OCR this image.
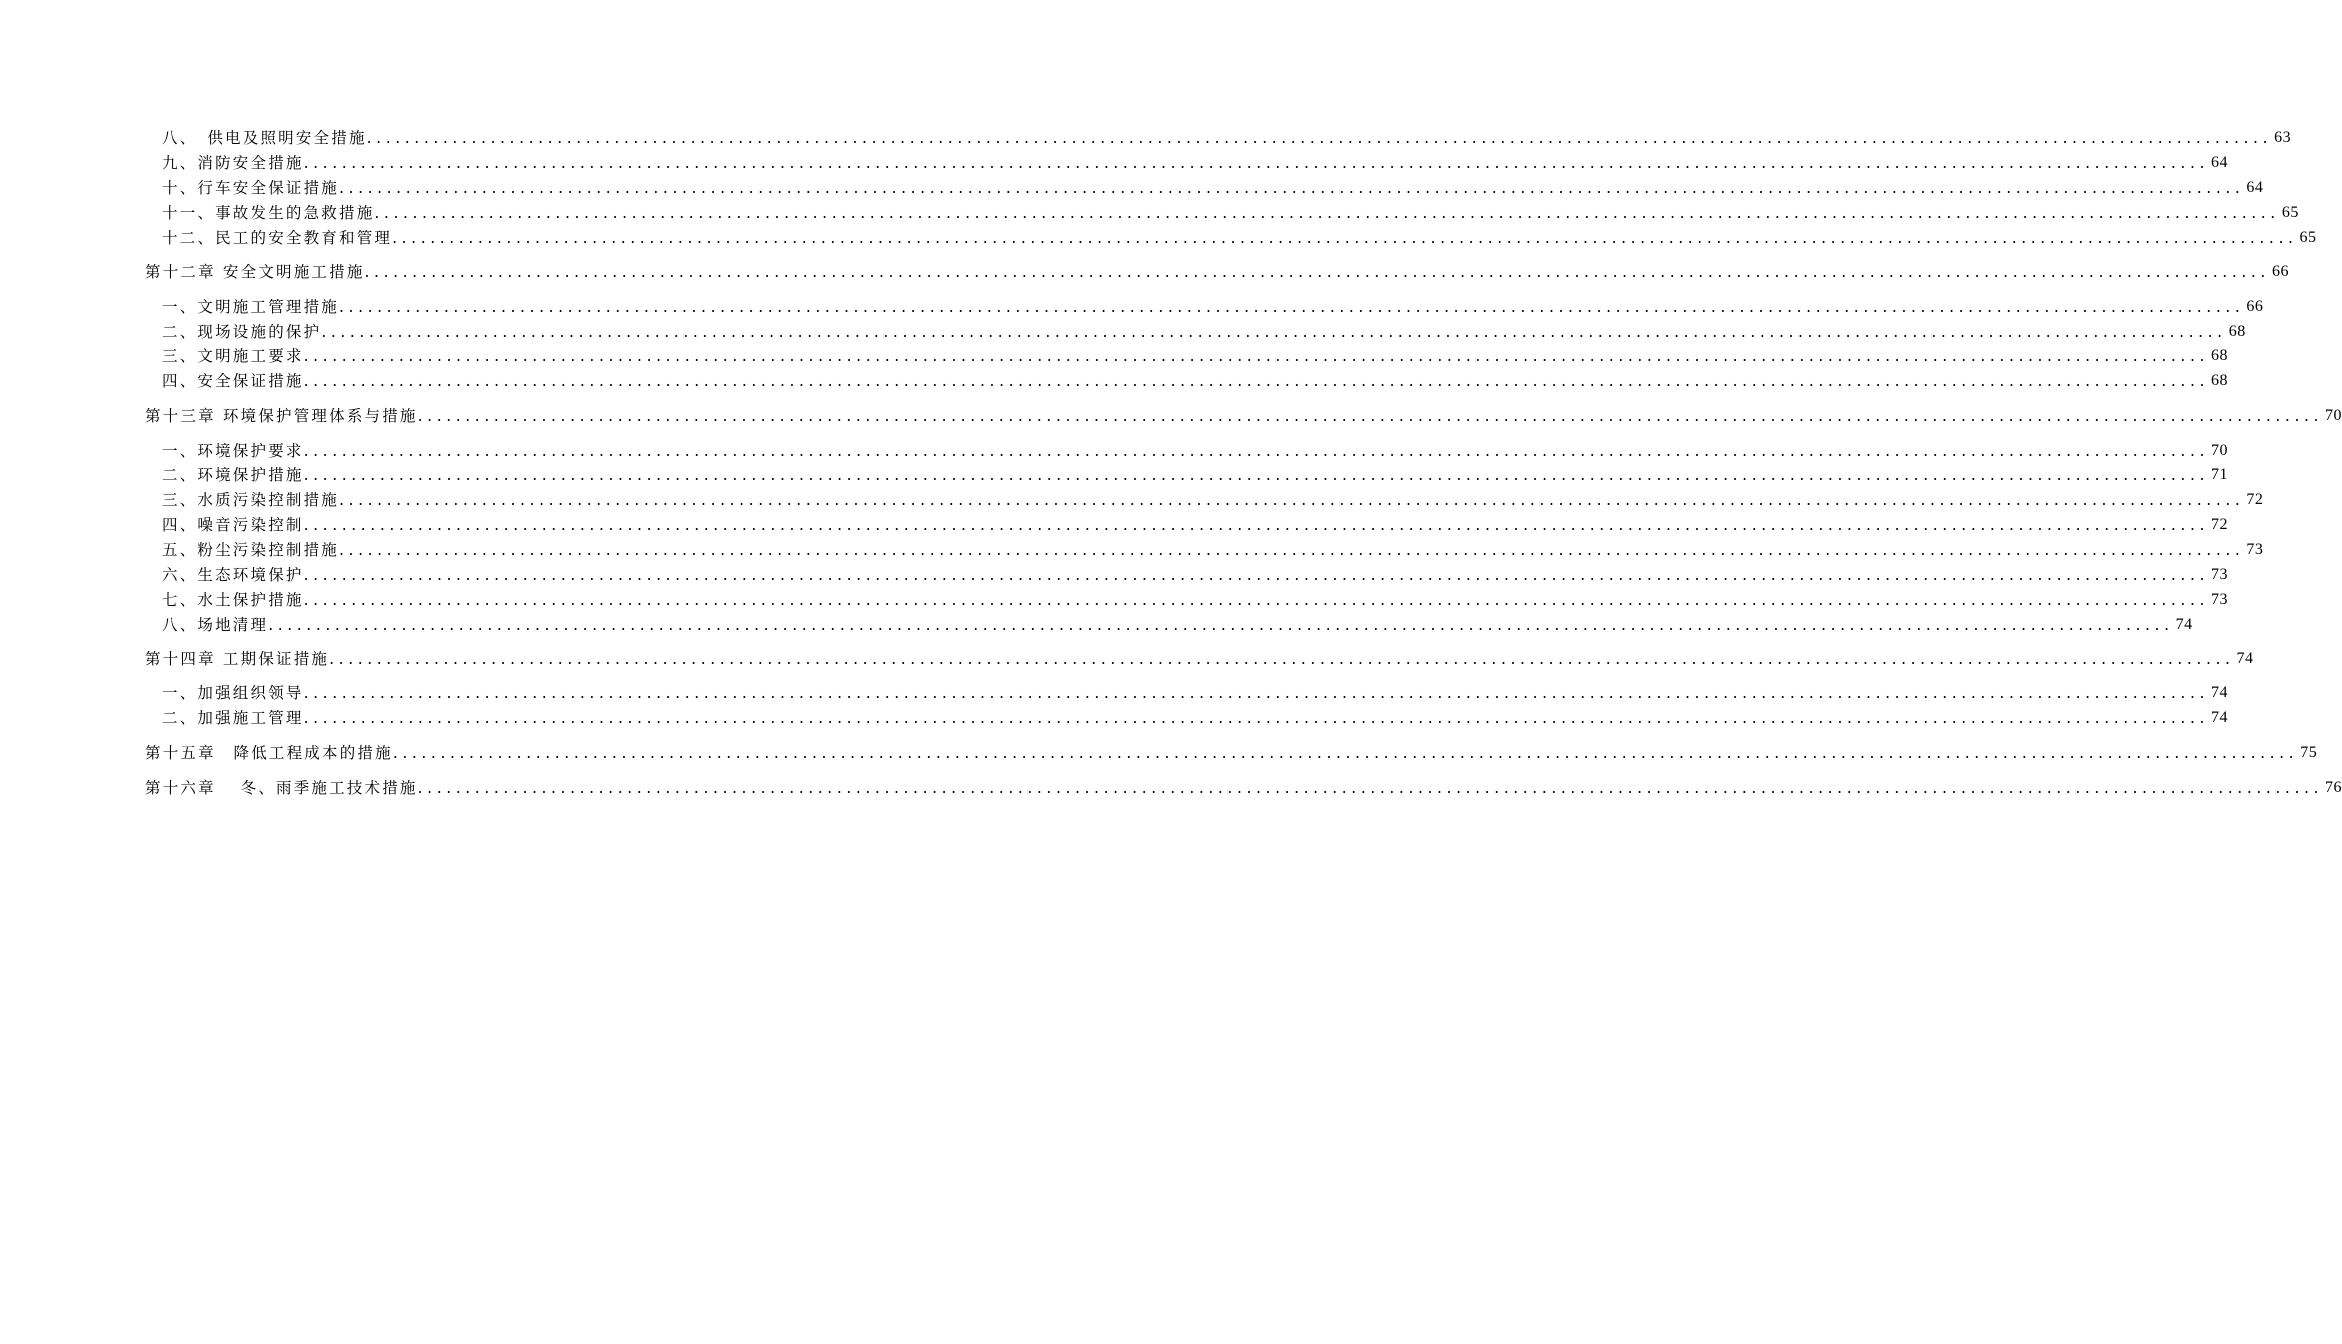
八、　供电及照明安全措施 ........................................................................................................................................................................................................ 63
九、消防安全措施 ........................................................................................................................................................................................................ 64
十、行车安全保证措施 ........................................................................................................................................................................................................ 64
十一、事故发生的急救措施 ........................................................................................................................................................................................................ 65
十二、民工的安全教育和管理 ........................................................................................................................................................................................................ 65
第十二章 安全文明施工措施 ........................................................................................................................................................................................................ 66
一、文明施工管理措施 ........................................................................................................................................................................................................ 66
二、现场设施的保护 ........................................................................................................................................................................................................ 68
三、文明施工要求 ........................................................................................................................................................................................................ 68
四、安全保证措施 ........................................................................................................................................................................................................ 68
第十三章 环境保护管理体系与措施 ........................................................................................................................................................................................................ 70
一、环境保护要求 ........................................................................................................................................................................................................ 70
二、环境保护措施 ........................................................................................................................................................................................................ 71
三、水质污染控制措施 ........................................................................................................................................................................................................ 72
四、噪音污染控制 ........................................................................................................................................................................................................ 72
五、粉尘污染控制措施 ........................................................................................................................................................................................................ 73
六、生态环境保护 ........................................................................................................................................................................................................ 73
七、水土保护措施 ........................................................................................................................................................................................................ 73
八、场地清理 ........................................................................................................................................................................................................ 74
第十四章 工期保证措施 ........................................................................................................................................................................................................ 74
一、加强组织领导 ........................................................................................................................................................................................................ 74
二、加强施工管理 ........................................................................................................................................................................................................ 74
第十五章　降低工程成本的措施 ........................................................................................................................................................................................................ 75
第十六章　 冬、雨季施工技术措施 ........................................................................................................................................................................................................ 76
